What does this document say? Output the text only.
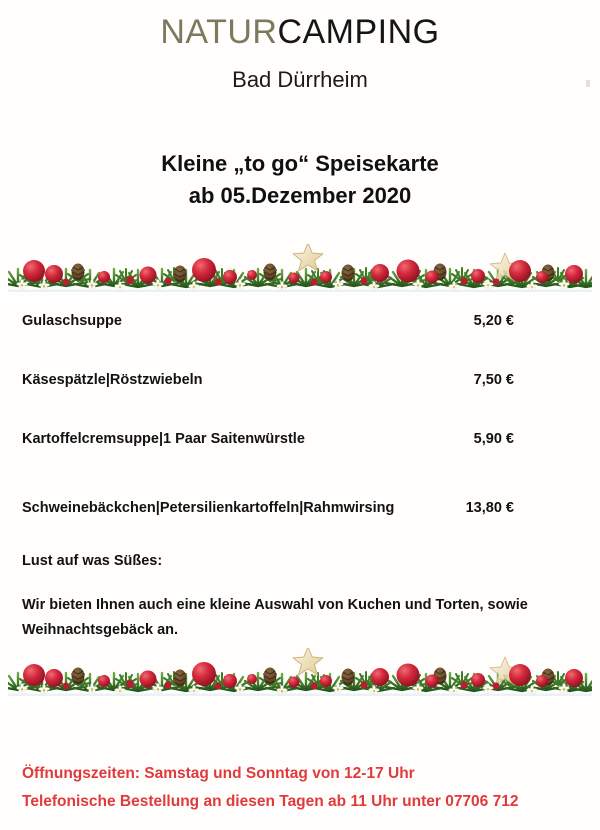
NATURCAMPING
Bad Dürrheim
Kleine „to go“ Speisekarte
ab 05.Dezember 2020
Gulaschsuppe	5,20 €
Käsespätzle|Röstzwiebeln	7,50 €
Kartoffelcremsuppe|1 Paar Saitenwürstle	5,90 €
Schweinebäckchen|Petersilienkartoffeln|Rahmwirsing	13,80 €
Lust auf was Süßes:
Wir bieten Ihnen auch eine kleine Auswahl von Kuchen und Torten, sowie Weihnachtsgebäck an.
Öffnungszeiten: Samstag und Sonntag von 12-17 Uhr
Telefonische Bestellung an diesen Tagen ab 11 Uhr unter 07706 712
